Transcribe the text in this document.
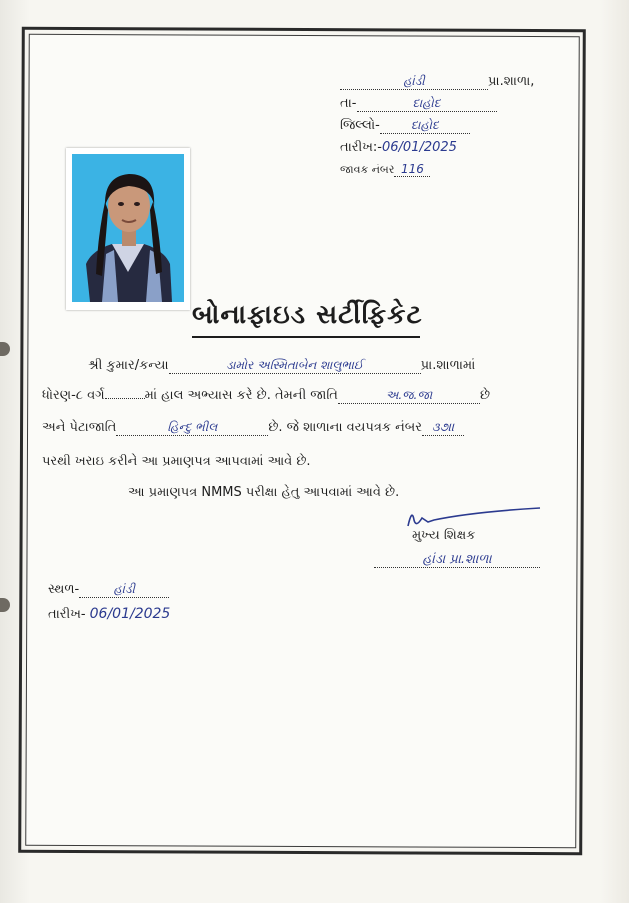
હાંડી	પ્રા.શાળા,
તા-	દાહોદ
જિલ્લો-	દાહોદ
તારીખ:-06/01/2025
જાવક નંબર 116
બોનાફાઇડ સર્ટીફિકેટ
શ્રી કુમાર/કન્યા	ડામોર અસ્મિતાબેન શાલુભાઈ	પ્રા.શાળામાં
ધોરણ-૮ વર્ગ	માં હાલ અભ્યાસ કરે છે. તેમની જાતિ	અ.જ.જા	છે
અને પેટાજાતિ	હિન્દુ ભીલ	છે. જે શાળાના વયપત્રક નંબર ૩૭।।
પરથી ખરાઇ કરીને આ પ્રમાણપત્ર આપવામાં આવે છે.
આ પ્રમાણપત્ર NMMS પરીક્ષા હેતુ આપવામાં આવે છે.
મુખ્ય શિક્ષક
હાંડા પ્રા.શાળા
સ્થળ-	હાંડી
તારીખ- 06/01/2025
